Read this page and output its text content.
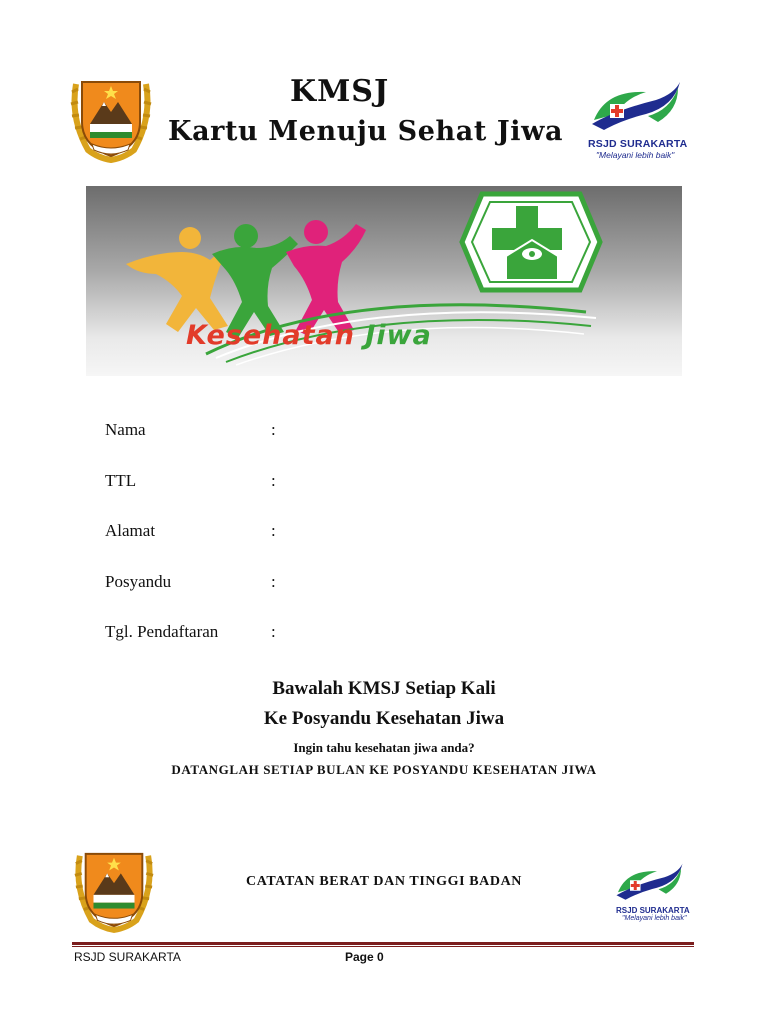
KMSJ
Kartu Menuju Sehat Jiwa RSJD SURAKARTA
"Melayani lebih baik"
Kesehatan Jiwa
Nama	:
TTL	:
Alamat	:
Posyandu	:
Tgl. Pendaftaran	:
Bawalah KMSJ Setiap Kali
Ke Posyandu Kesehatan Jiwa
Ingin tahu kesehatan jiwa anda?
DATANGLAH SETIAP BULAN KE POSYANDU KESEHATAN JIWA
CATATAN BERAT DAN TINGGI BADAN
RSJD SURAKARTA
"Melayani lebih baik"
RSJD SURAKARTA	Page 0
